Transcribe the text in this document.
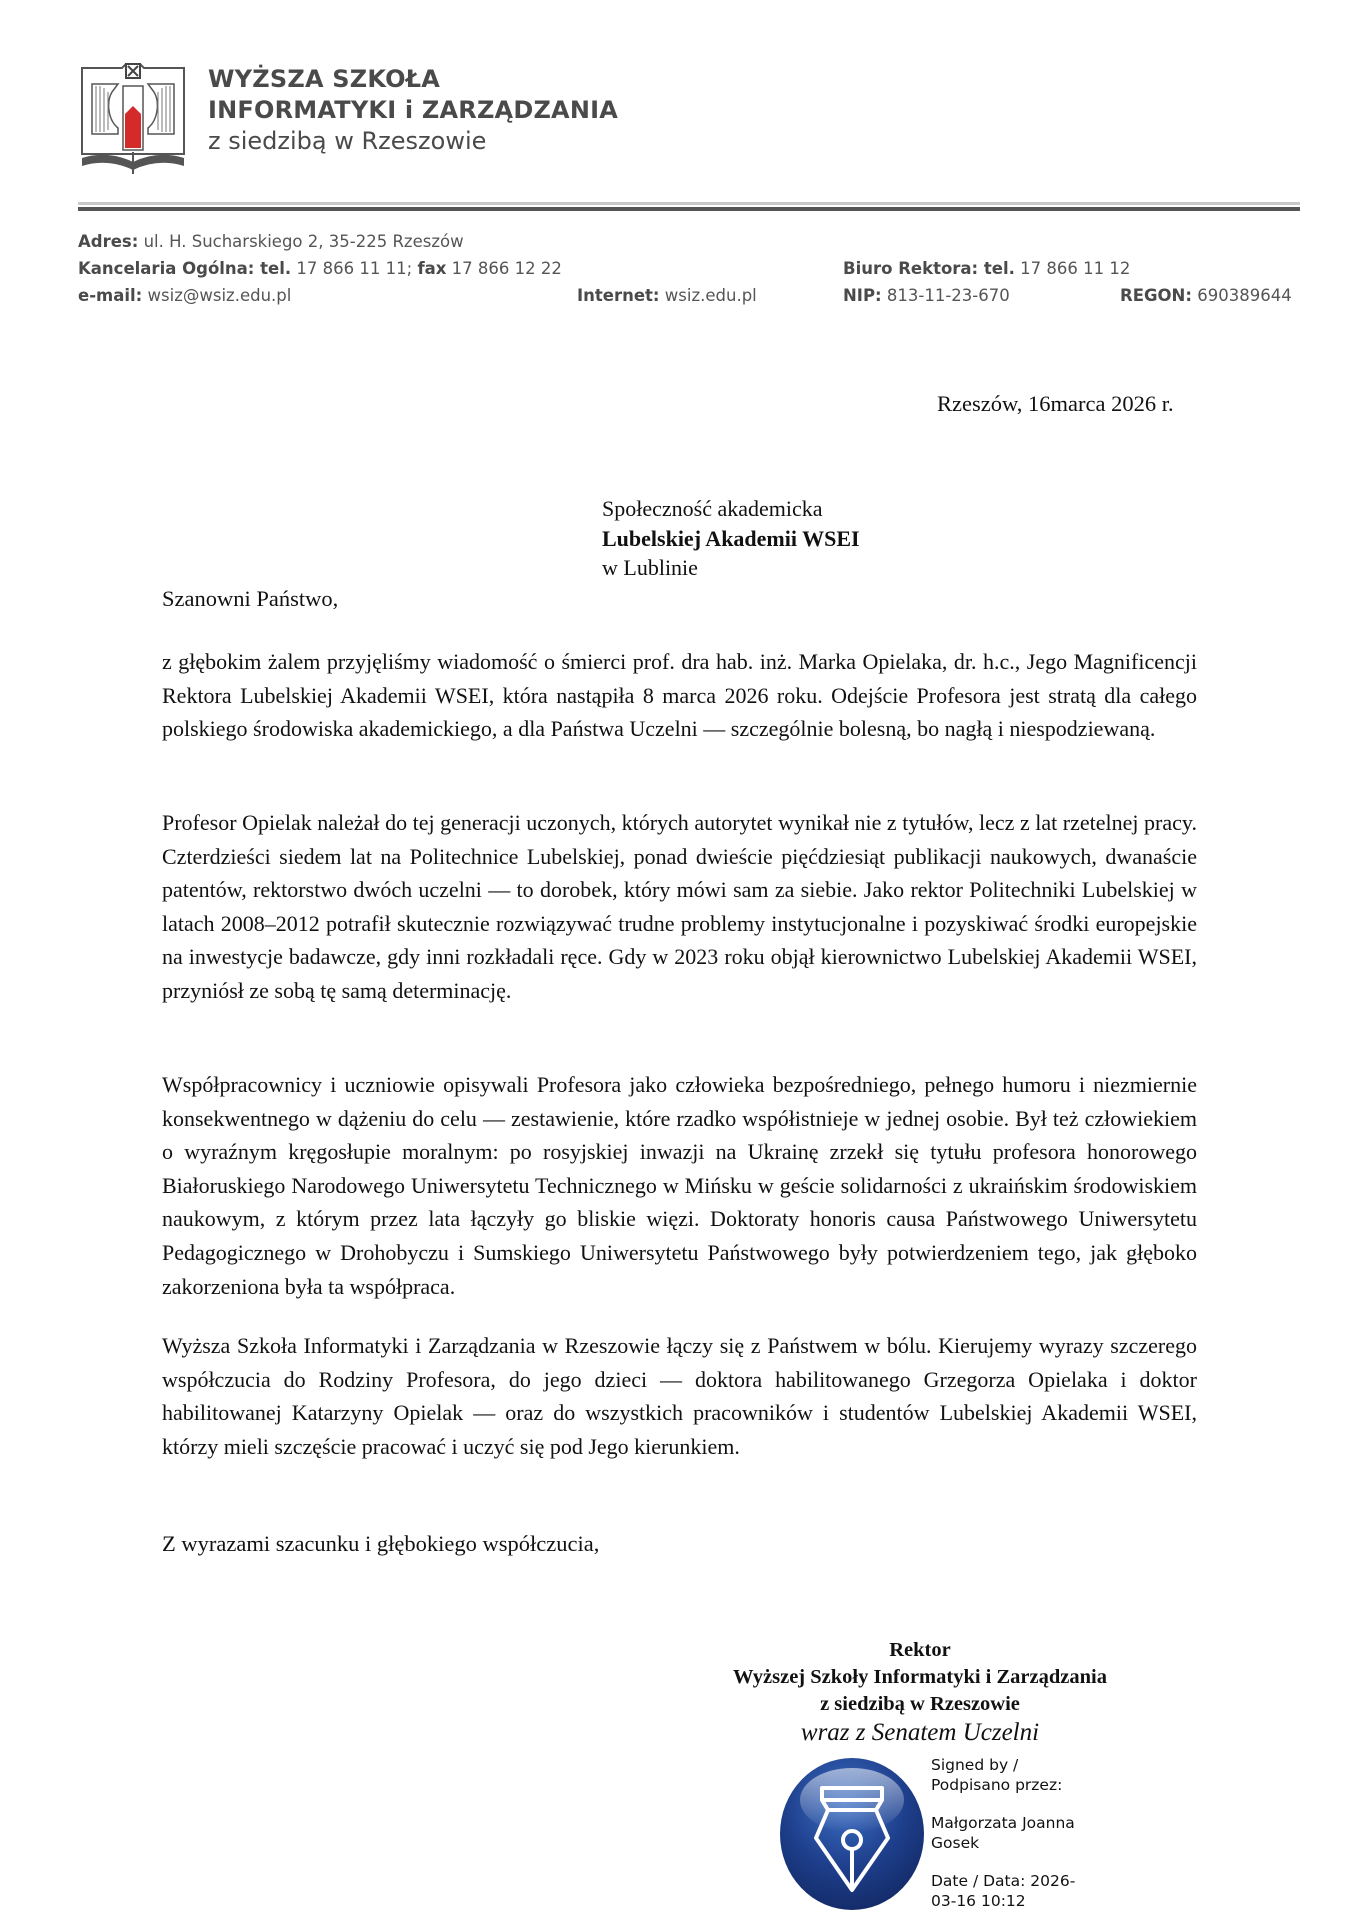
WYŻSZA SZKOŁA
INFORMATYKI i ZARZĄDZANIA
z siedzibą w Rzeszowie
Adres: ul. H. Sucharskiego 2, 35-225 Rzeszów
Kancelaria Ogólna: tel. 17 866 11 11; fax 17 866 12 22	Biuro Rektora: tel. 17 866 11 12
e-mail: wsiz@wsiz.edu.pl	Internet: wsiz.edu.pl	NIP: 813-11-23-670	REGON: 690389644
Rzeszów, 16marca 2026 r.
Społeczność akademicka
Lubelskiej Akademii WSEI
w Lublinie
Szanowni Państwo,
z głębokim żalem przyjęliśmy wiadomość o śmierci prof. dra hab. inż. Marka Opielaka, dr. h.c., Jego Magnificencji Rektora Lubelskiej Akademii WSEI, która nastąpiła 8 marca 2026 roku. Odejście Profesora jest stratą dla całego polskiego środowiska akademickiego, a dla Państwa Uczelni — szczególnie bolesną, bo nagłą i niespodziewaną.
Profesor Opielak należał do tej generacji uczonych, których autorytet wynikał nie z tytułów, lecz z lat rzetelnej pracy. Czterdzieści siedem lat na Politechnice Lubelskiej, ponad dwieście pięćdziesiąt publikacji naukowych, dwanaście patentów, rektorstwo dwóch uczelni — to dorobek, który mówi sam za siebie. Jako rektor Politechniki Lubelskiej w latach 2008–2012 potrafił skutecznie rozwiązywać trudne problemy instytucjonalne i pozyskiwać środki europejskie na inwestycje badawcze, gdy inni rozkładali ręce. Gdy w 2023 roku objął kierownictwo Lubelskiej Akademii WSEI, przyniósł ze sobą tę samą determinację.
Współpracownicy i uczniowie opisywali Profesora jako człowieka bezpośredniego, pełnego humoru i niezmiernie konsekwentnego w dążeniu do celu — zestawienie, które rzadko współistnieje w jednej osobie. Był też człowiekiem o wyraźnym kręgosłupie moralnym: po rosyjskiej inwazji na Ukrainę zrzekł się tytułu profesora honorowego Białoruskiego Narodowego Uniwersytetu Technicznego w Mińsku w geście solidarności z ukraińskim środowiskiem naukowym, z którym przez lata łączyły go bliskie więzi. Doktoraty honoris causa Państwowego Uniwersytetu Pedagogicznego w Drohobyczu i Sumskiego Uniwersytetu Państwowego były potwierdzeniem tego, jak głęboko zakorzeniona była ta współpraca.
Wyższa Szkoła Informatyki i Zarządzania w Rzeszowie łączy się z Państwem w bólu. Kierujemy wyrazy szczerego współczucia do Rodziny Profesora, do jego dzieci — doktora habilitowanego Grzegorza Opielaka i doktor habilitowanej Katarzyny Opielak — oraz do wszystkich pracowników i studentów Lubelskiej Akademii WSEI, którzy mieli szczęście pracować i uczyć się pod Jego kierunkiem.
Z wyrazami szacunku i głębokiego współczucia,
Rektor
Wyższej Szkoły Informatyki i Zarządzania
z siedzibą w Rzeszowie
wraz z Senatem Uczelni
Signed by /
Podpisano przez:
Małgorzata Joanna
Gosek
Date / Data: 2026-
03-16 10:12
